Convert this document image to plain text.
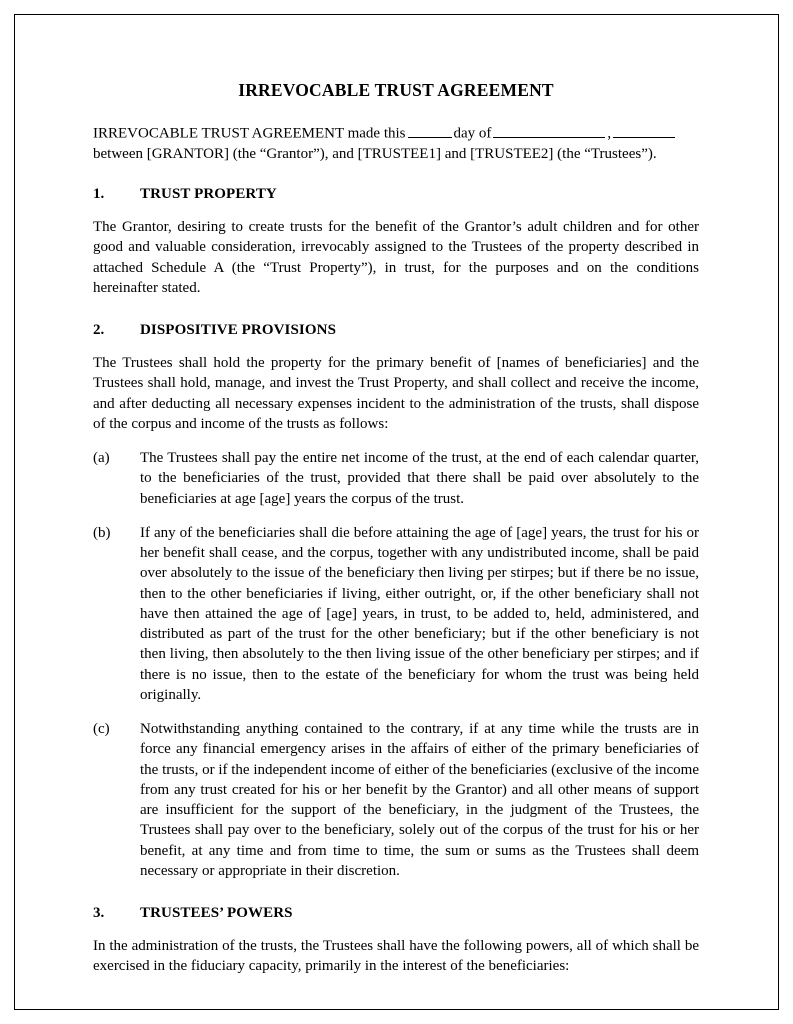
IRREVOCABLE TRUST AGREEMENT
IRREVOCABLE TRUST AGREEMENT made this	day of	,
between [GRANTOR] (the “Grantor”), and [TRUSTEE1] and [TRUSTEE2] (the “Trustees”).
1.	TRUST PROPERTY

The Grantor, desiring to create trusts for the benefit of the Grantor’s adult children and for other good and valuable consideration, irrevocably assigned to the Trustees of the property described in attached Schedule A (the “Trust Property”), in trust, for the purposes and on the conditions hereinafter stated.

2.	DISPOSITIVE PROVISIONS

The Trustees shall hold the property for the primary benefit of [names of beneficiaries] and the Trustees shall hold, manage, and invest the Trust Property, and shall collect and receive the income, and after deducting all necessary expenses incident to the administration of the trusts, shall dispose of the corpus and income of the trusts as follows:

(a)	The Trustees shall pay the entire net income of the trust, at the end of each calendar quarter, to the beneficiaries of the trust, provided that there shall be paid over absolutely to the beneficiaries at age [age] years the corpus of the trust.
(b)	If any of the beneficiaries shall die before attaining the age of [age] years, the trust for his or her benefit shall cease, and the corpus, together with any undistributed income, shall be paid over absolutely to the issue of the beneficiary then living per stirpes; but if there be no issue, then to the other beneficiaries if living, either outright, or, if the other beneficiary shall not have then attained the age of [age] years, in trust, to be added to, held, administered, and distributed as part of the trust for the other beneficiary; but if the other beneficiary is not then living, then absolutely to the then living issue of the other beneficiary per stirpes; and if there is no issue, then to the estate of the beneficiary for whom the trust was being held originally.
(c)	Notwithstanding anything contained to the contrary, if at any time while the trusts are in force any financial emergency arises in the affairs of either of the primary beneficiaries of the trusts, or if the independent income of either of the beneficiaries (exclusive of the income from any trust created for his or her benefit by the Grantor) and all other means of support are insufficient for the support of the beneficiary, in the judgment of the Trustees, the Trustees shall pay over to the beneficiary, solely out of the corpus of the trust for his or her benefit, at any time and from time to time, the sum or sums as the Trustees shall deem necessary or appropriate in their discretion.
3.	TRUSTEES’ POWERS

In the administration of the trusts, the Trustees shall have the following powers, all of which shall be exercised in the fiduciary capacity, primarily in the interest of the beneficiaries:
